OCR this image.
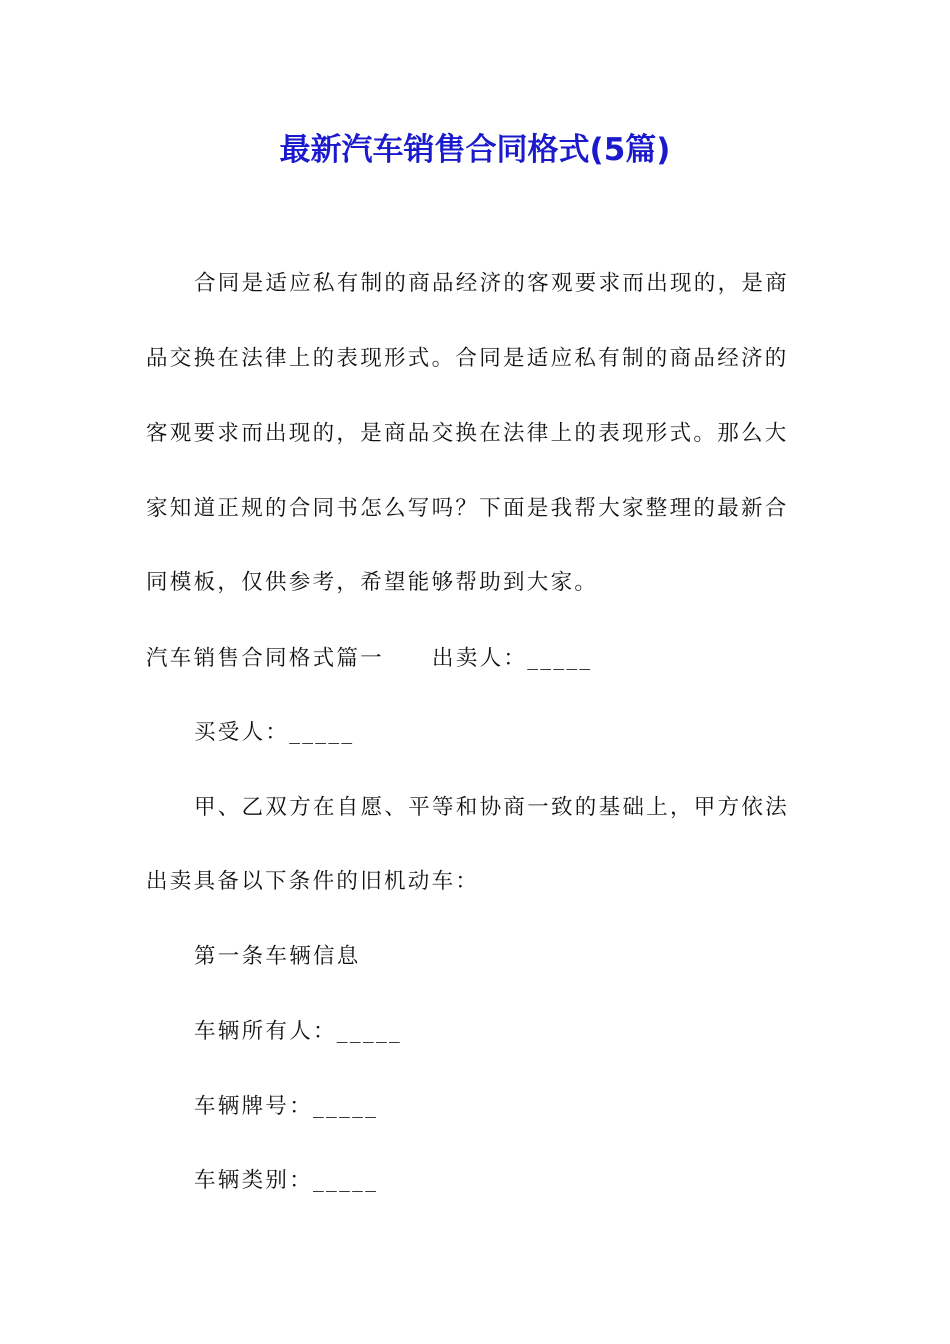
最新汽车销售合同格式(5篇)
合同是适应私有制的商品经济的客观要求而出现的，是商
品交换在法律上的表现形式。合同是适应私有制的商品经济的
客观要求而出现的，是商品交换在法律上的表现形式。那么大
家知道正规的合同书怎么写吗？下面是我帮大家整理的最新合
同模板，仅供参考，希望能够帮助到大家。
汽车销售合同格式篇一 出卖人：_____
买受人：_____
甲、乙双方在自愿、平等和协商一致的基础上，甲方依法
出卖具备以下条件的旧机动车：
第一条车辆信息
车辆所有人：_____
车辆牌号：_____
车辆类别：_____
